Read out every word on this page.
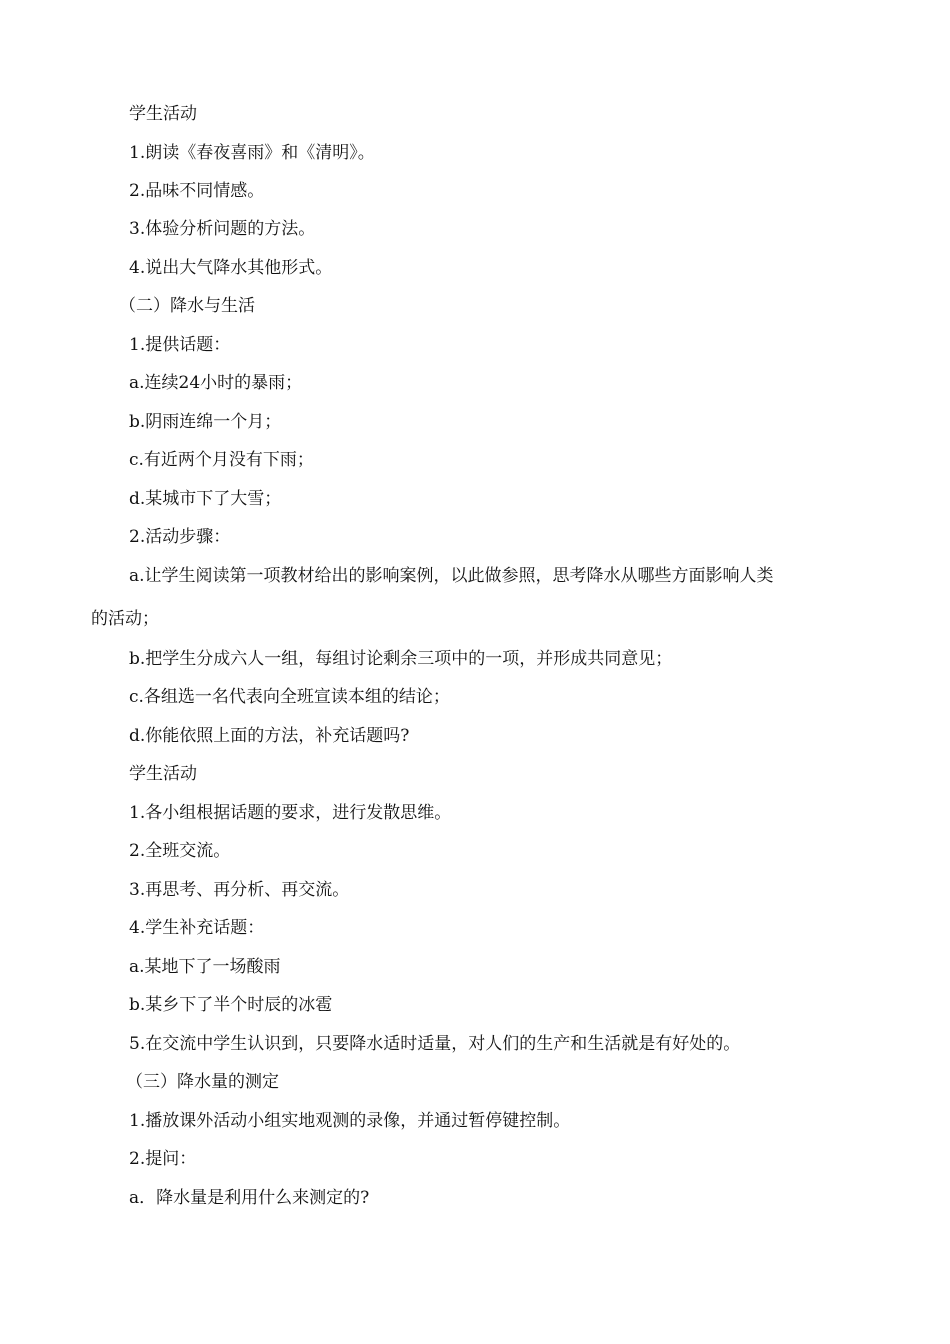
学生活动
1.朗读《春夜喜雨》和《清明》。
2.品味不同情感。
3.体验分析问题的方法。
4.说出大气降水其他形式。
（二）降水与生活
1.提供话题：
a.连续24小时的暴雨；
b.阴雨连绵一个月；
c.有近两个月没有下雨；
d.某城市下了大雪；
2.活动步骤：
a.让学生阅读第一项教材给出的影响案例，以此做参照，思考降水从哪些方面影响人类
的活动；
b.把学生分成六人一组，每组讨论剩余三项中的一项，并形成共同意见；
c.各组选一名代表向全班宣读本组的结论；
d.你能依照上面的方法，补充话题吗?
学生活动
1.各小组根据话题的要求，进行发散思维。
2.全班交流。
3.再思考、再分析、再交流。
4.学生补充话题：
a.某地下了一场酸雨
b.某乡下了半个时辰的冰雹
5.在交流中学生认识到，只要降水适时适量，对人们的生产和生活就是有好处的。
（三）降水量的测定
1.播放课外活动小组实地观测的录像，并通过暂停键控制。
2.提问：
a．降水量是利用什么来测定的?
